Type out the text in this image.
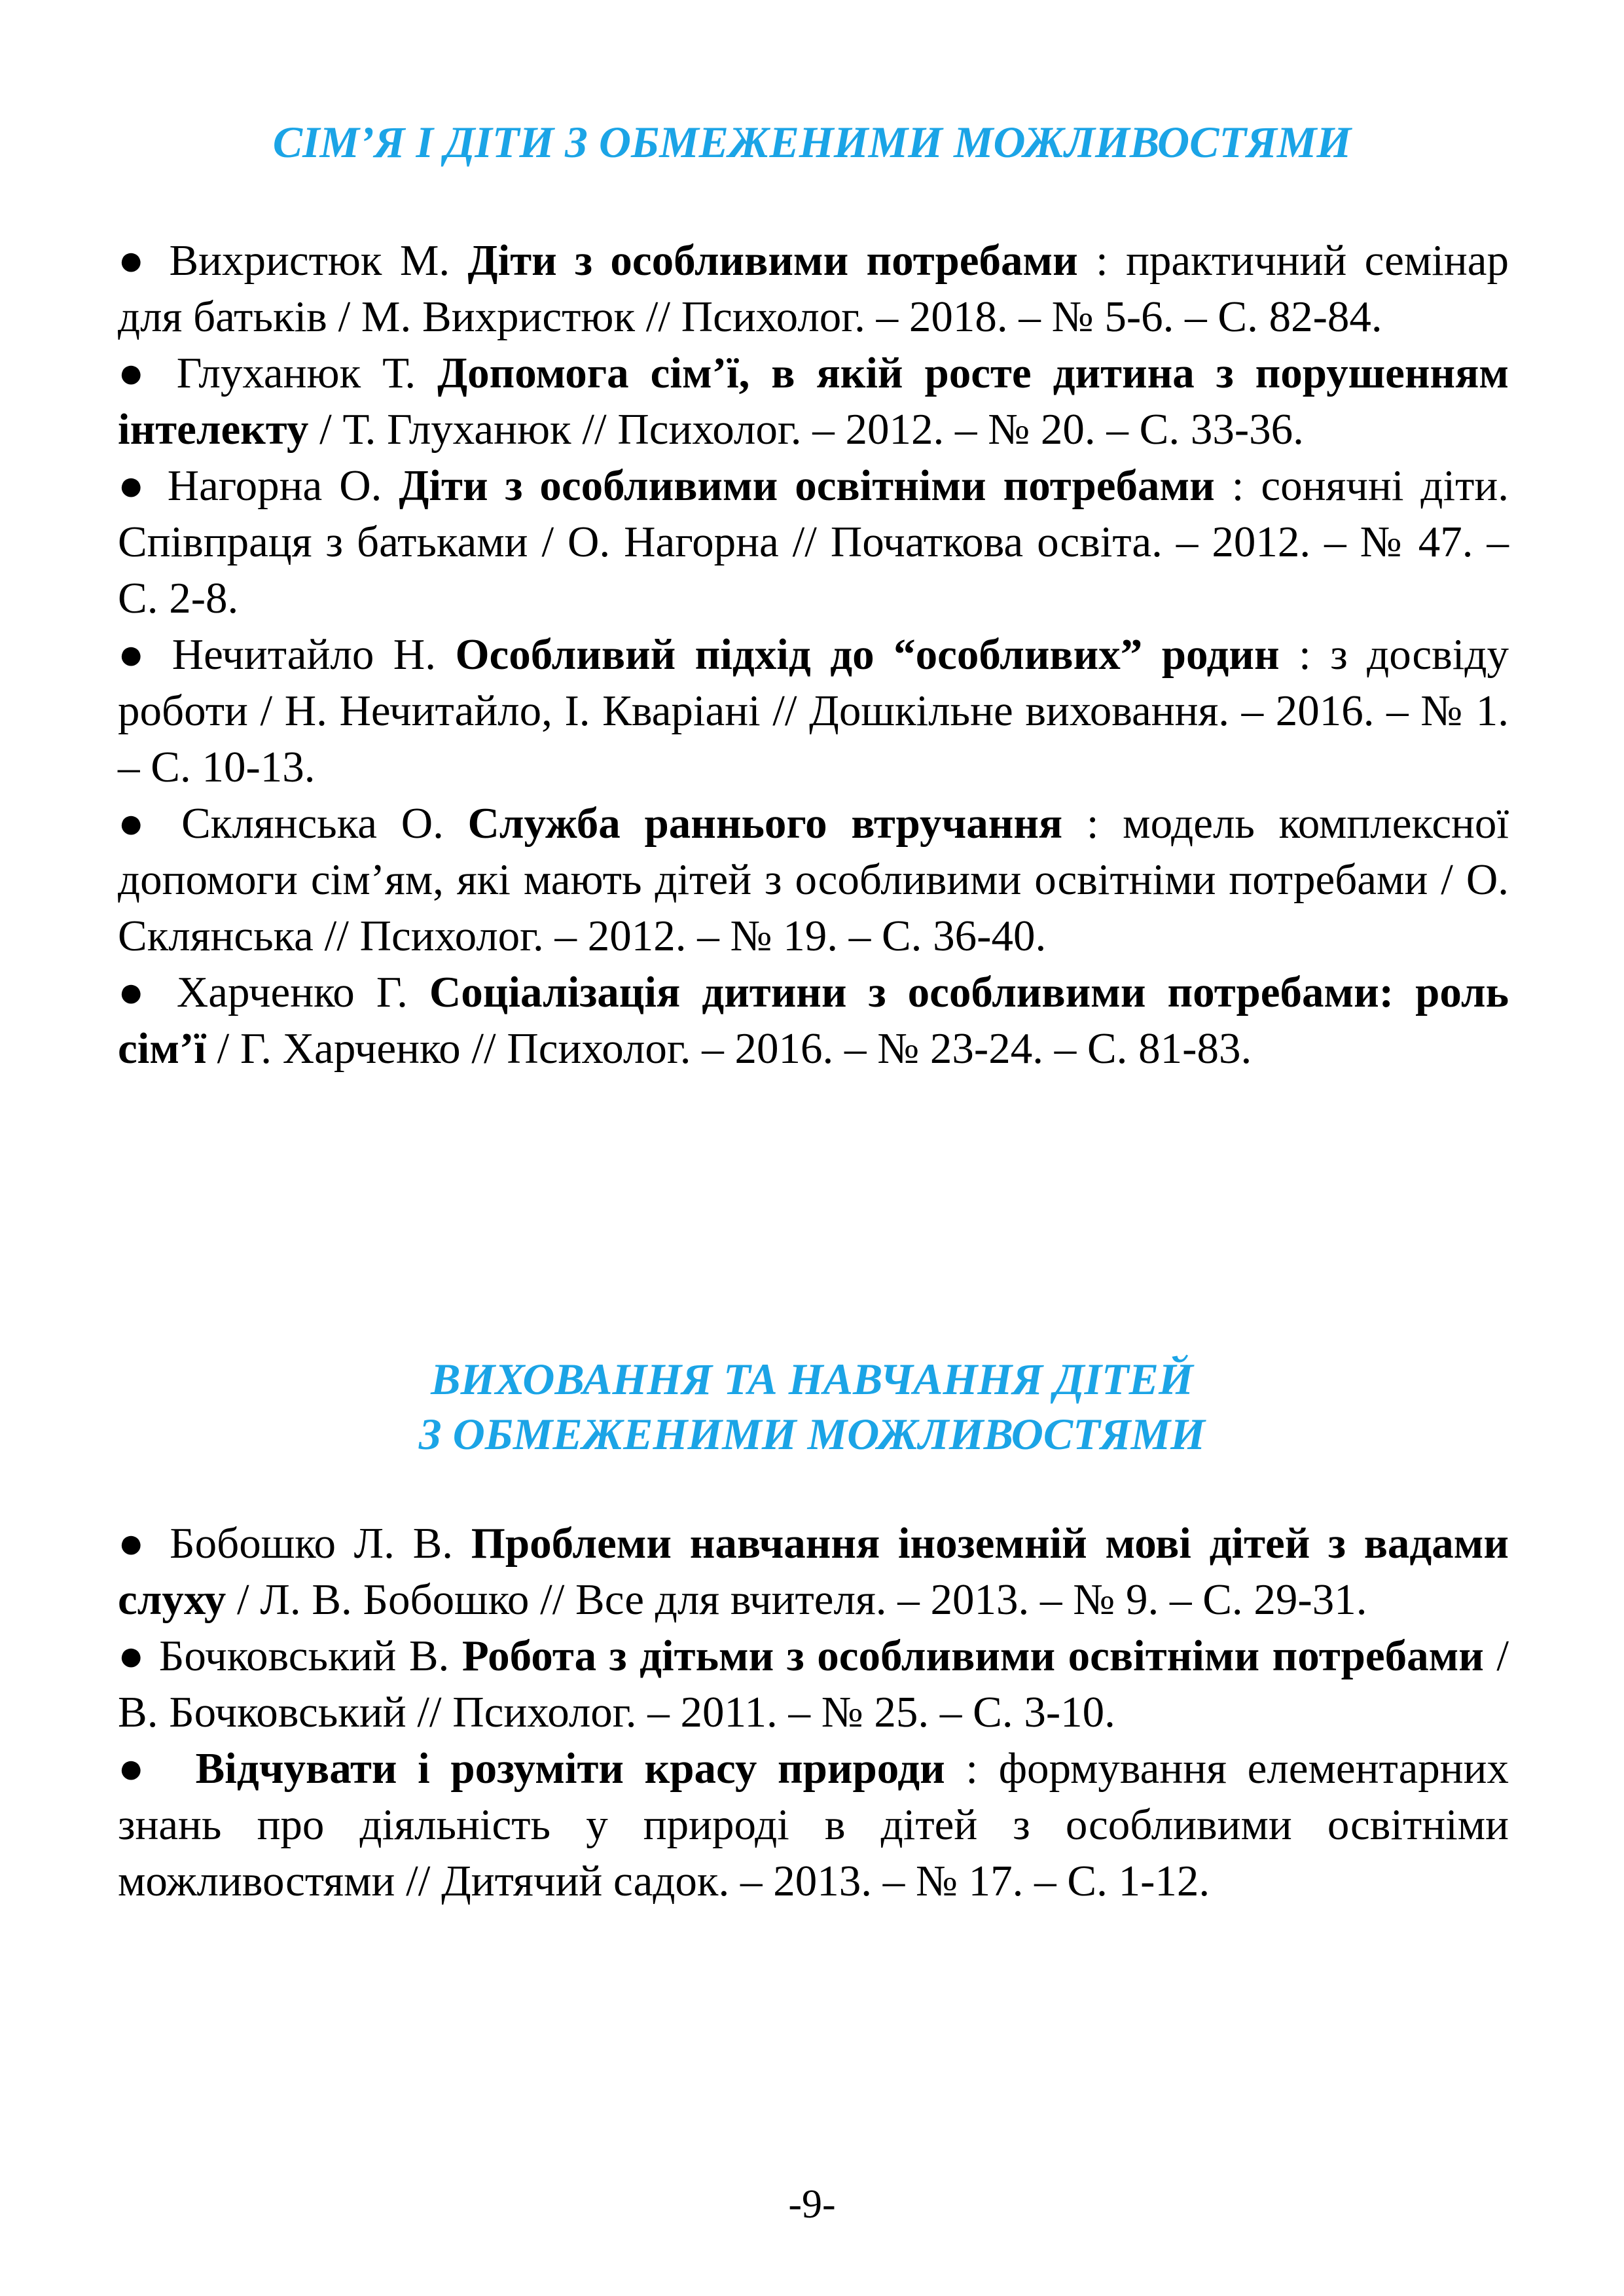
СІМ’Я І ДІТИ З ОБМЕЖЕНИМИ МОЖЛИВОСТЯМИ

● Вихристюк М. Діти з особливими потребами : практичний семінар для батьків / М. Вихристюк // Психолог. – 2018. – № 5-6. – С. 82-84.

● Глуханюк Т. Допомога сім’ї, в якій росте дитина з порушенням інтелекту / Т. Глуханюк // Психолог. – 2012. – № 20. – С. 33-36.

● Нагорна О. Діти з особливими освітніми потребами : сонячні діти. Співпраця з батьками / О. Нагорна // Початкова освіта. – 2012. – № 47. – С. 2-8.

● Нечитайло Н. Особливий підхід до “особливих” родин : з досвіду роботи / Н. Нечитайло, І. Кваріані // Дошкільне виховання. – 2016. – № 1. – С. 10-13.

● Склянська О. Служба раннього втручання : модель комплексної допомоги сім’ям, які мають дітей з особливими освітніми потребами / О. Склянська // Психолог. – 2012. – № 19. – С. 36-40.

● Харченко Г. Соціалізація дитини з особливими потребами: роль сім’ї / Г. Харченко // Психолог. – 2016. – № 23-24. – С. 81-83.

ВИХОВАННЯ ТА НАВЧАННЯ ДІТЕЙ
З ОБМЕЖЕНИМИ МОЖЛИВОСТЯМИ

● Бобошко Л. В. Проблеми навчання іноземній мові дітей з вадами слуху / Л. В. Бобошко // Все для вчителя. – 2013. – № 9. – С. 29-31.

● Бочковський В. Робота з дітьми з особливими освітніми потребами / В. Бочковський // Психолог. – 2011. – № 25. – С. 3-10.

● Відчувати і розуміти красу природи : формування елементарних знань про діяльність у природі в дітей з особливими освітніми можливостями // Дитячий садок. – 2013. – № 17. – С. 1-12.

-9-
